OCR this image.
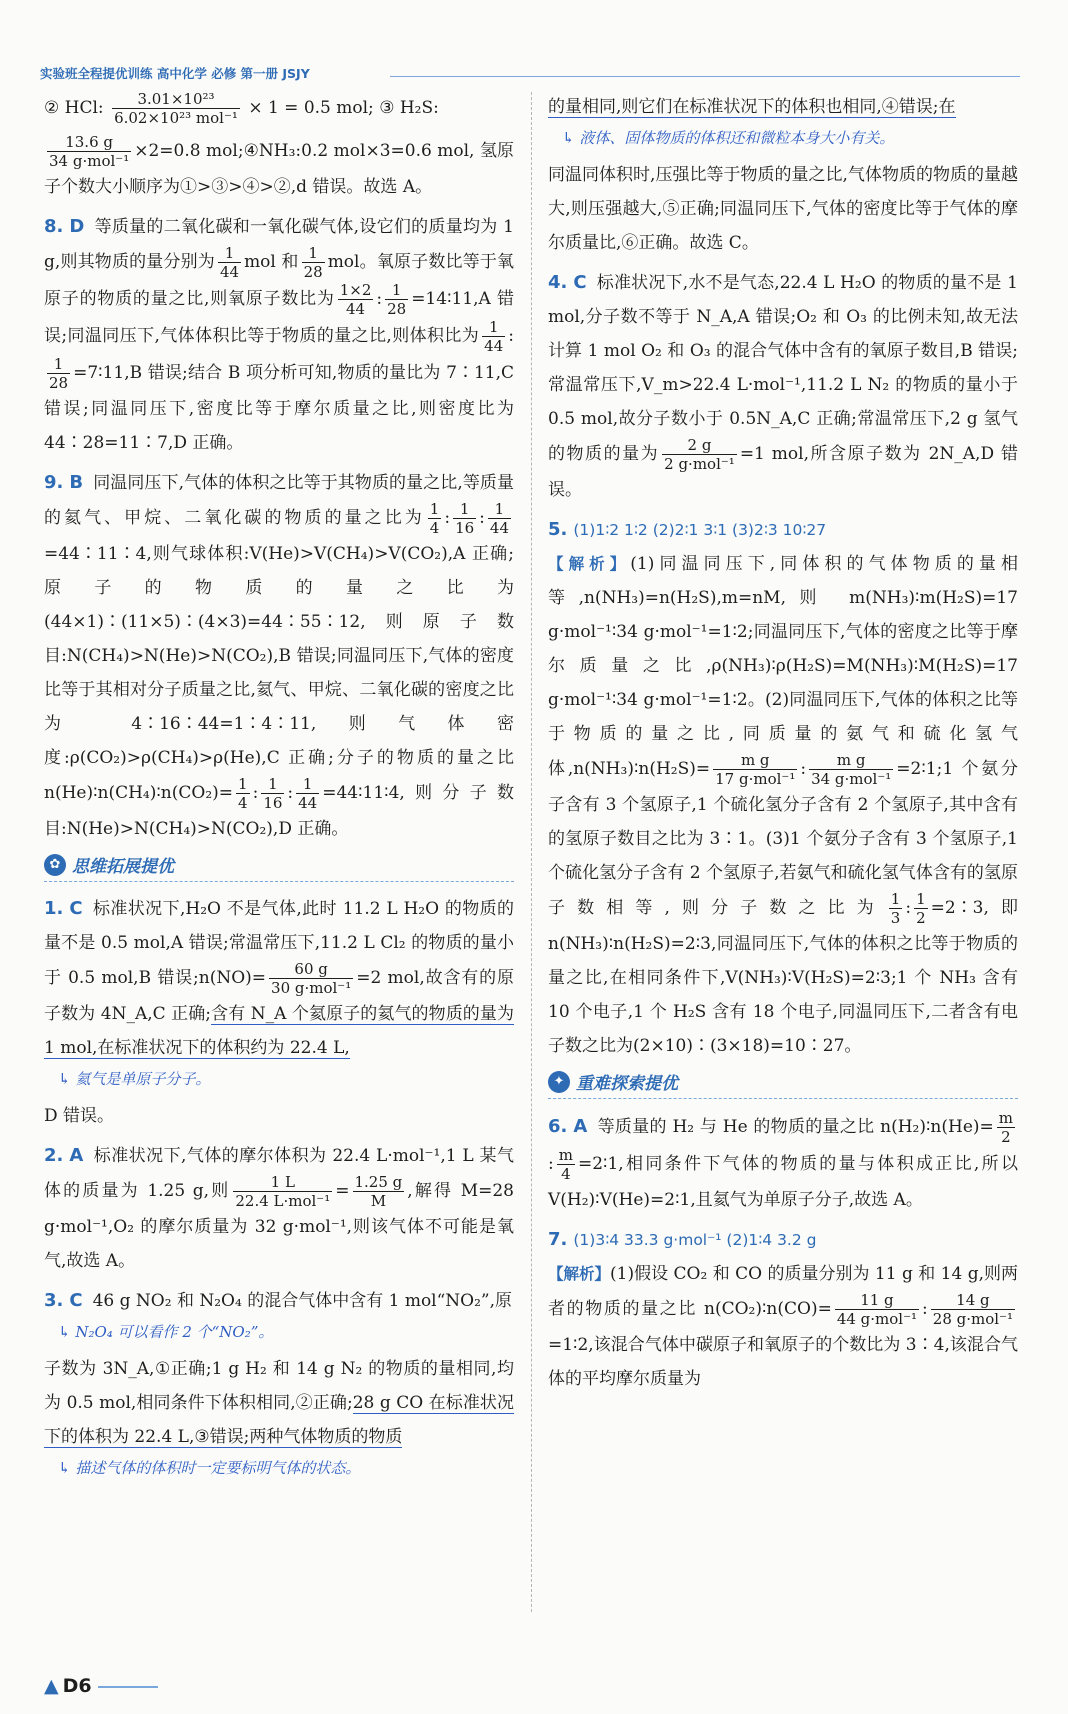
实验班全程提优训练 高中化学 必修 第一册 JSJY

② HCl: $\frac{\text{3.01×10²³}}{\text{6.02×10²³ mol⁻¹}} \times 1 = 0.5$ mol; ③ H₂S:

$\frac{13.6 g}{\text{34 g·mol⁻¹}} \times 2=0.8$ mol;④NH₃:0.2 mol×3=0.6 mol, 氢原子个数大小顺序为①>③>④>②,d 错误。故选 A。

8. D 等质量的二氧化碳和一氧化碳气体,设它们的质量均为 1 g,则其物质的量分别为 $\frac{1}{44}$ mol 和 $\frac{1}{28}$ mol。氧原子数比等于氧原子的物质的量之比,则氧原子数比为 $\frac{1\times 2}{44}$ : $\frac{1}{28}$ =14∶11,A 错误;同温同压下,气体体积比等于物质的量之比,则体积比为 $\frac{1}{44}$ :
$\frac{1}{28}$ =7∶11,B 错误;结合 B 项分析可知,物质的量比为 7∶11,C 错误;同温同压下,密度比等于摩尔质量之比,则密度比为 44∶28=11∶7,D 正确。

9. B 同温同压下,气体的体积之比等于其物质的量之比,等质量的氦气、甲烷、二氧化碳的物质的量之比为 $\frac{1}{4}$ : $\frac{1}{16}$ : $\frac{1}{44}$
=44∶11∶4,则气球体积:V(He)>V(CH₄)>V(CO₂),A 正确;原子的物质的量之比为(44×1)∶(11×5)∶(4×3)=44∶55∶12,则原子数目:N(CH₄)>N(He)>N(CO₂),B 错误;同温同压下,气体的密度比等于其相对分子质量之比,氦气、甲烷、二氧化碳的密度之比为 4∶16∶44=1∶4∶11,则气体密度:ρ(CO₂)>ρ(CH₄)>ρ(He),C 正确;分子的物质的量之比 n(He)∶n(CH₄)∶n(CO₂)= $\frac{1}{4}$ : $\frac{1}{16}$ : $\frac{1}{44}$ =44∶11∶4,则分子数目:N(He)>N(CH₄)>N(CO₂),D 正确。

✿ 思维拓展提优

1. C 标准状况下,H₂O 不是气体,此时 11.2 L H₂O 的物质的量不是 0.5 mol,A 错误;常温常压下,11.2 L Cl₂ 的物质的量小于 0.5 mol,B 错误;n(NO)= $\frac{60 g}{\text{30 g·mol⁻¹}} =2$ mol,故含有的原子数为 4N_A,C 正确;含有 N_A 个氦原子的氦气的物质的量为 1 mol,在标准状况下的体积约为 22.4 L,

↳ 氦气是单原子分子。

D 错误。

2. A 标准状况下,气体的摩尔体积为 22.4 L·mol⁻¹,1 L 某气体的质量为 1.25 g,则 $\frac{1 L}{\text{22.4 L·mol⁻¹}} = \frac{1.25 g}{M}$ ,解得 M=28 g·mol⁻¹,O₂ 的摩尔质量为 32 g·mol⁻¹,则该气体不可能是氧气,故选 A。

3. C 46 g NO₂ 和 N₂O₄ 的混合气体中含有 1 mol“NO₂”,原

↳ N₂O₄ 可以看作 2 个“NO₂”。

子数为 3N_A,①正确;1 g H₂ 和 14 g N₂ 的物质的量相同,均为 0.5 mol,相同条件下体积相同,②正确;28 g CO 在标准状况下的体积为 22.4 L,③错误;两种气体物质的物质

↳ 描述气体的体积时一定要标明气体的状态。

的量相同,则它们在标准状况下的体积也相同,④错误;在

↳ 液体、固体物质的体积还和微粒本身大小有关。

同温同体积时,压强比等于物质的量之比,气体物质的物质的量越大,则压强越大,⑤正确;同温同压下,气体的密度比等于气体的摩尔质量比,⑥正确。故选 C。

4. C 标准状况下,水不是气态,22.4 L H₂O 的物质的量不是 1 mol,分子数不等于 N_A,A 错误;O₂ 和 O₃ 的比例未知,故无法计算 1 mol O₂ 和 O₃ 的混合气体中含有的氧原子数目,B 错误;常温常压下,V_m>22.4 L·mol⁻¹,11.2 L N₂ 的物质的量小于 0.5 mol,故分子数小于 0.5N_A,C 正确;常温常压下,2 g 氢气的物质的量为 $\frac{2 g}{\text{2 g·mol⁻¹}} =1$ mol,所含原子数为 2N_A,D 错误。

5. (1)1∶2 1∶2 (2)2∶1 3∶1 (3)2∶3 10∶27
【解析】(1)同温同压下,同体积的气体物质的量相等,n(NH₃)=n(H₂S),m=nM,则 m(NH₃)∶m(H₂S)=17 g·mol⁻¹∶34 g·mol⁻¹=1∶2;同温同压下,气体的密度之比等于摩尔质量之比,ρ(NH₃)∶ρ(H₂S)=M(NH₃)∶M(H₂S)=17 g·mol⁻¹∶34 g·mol⁻¹=1∶2。(2)同温同压下,气体的体积之比等于物质的量之比,同质量的氨气和硫化氢气体,n(NH₃)∶n(H₂S)= $\frac{\text{m g}}{\text{17 g·mol⁻¹}}$ : $\frac{\text{m g}}{\text{34 g·mol⁻¹}}$ =2∶1;1 个氨分子含有 3 个氢原子,1 个硫化氢分子含有 2 个氢原子,其中含有的氢原子数目之比为 3∶1。(3)1 个氨分子含有 3 个氢原子,1 个硫化氢分子含有 2 个氢原子,若氨气和硫化氢气体含有的氢原子数相等,则分子数之比为 $\frac{1}{3}$ : $\frac{1}{2}$ =2∶3,即 n(NH₃)∶n(H₂S)=2∶3,同温同压下,气体的体积之比等于物质的量之比,在相同条件下,V(NH₃)∶V(H₂S)=2∶3;1 个 NH₃ 含有 10 个电子,1 个 H₂S 含有 18 个电子,同温同压下,二者含有电子数之比为(2×10)∶(3×18)=10∶27。

✦ 重难探索提优

6. A 等质量的 H₂ 与 He 的物质的量之比 n(H₂)∶n(He)= $\frac{m}{2}$
: $\frac{m}{4}$ =2∶1,相同条件下气体的物质的量与体积成正比,所以 V(H₂)∶V(He)=2∶1,且氦气为单原子分子,故选 A。

7. (1)3∶4 33.3 g·mol⁻¹ (2)1∶4 3.2 g
【解析】(1)假设 CO₂ 和 CO 的质量分别为 11 g 和 14 g,则两者的物质的量之比 n(CO₂)∶n(CO)= $\frac{11 g}{\text{44 g·mol⁻¹}}$ : $\frac{14 g}{\text{28 g·mol⁻¹}}$
=1∶2,该混合气体中碳原子和氧原子的个数比为 3∶4,该混合气体的平均摩尔质量为

▲ D6
